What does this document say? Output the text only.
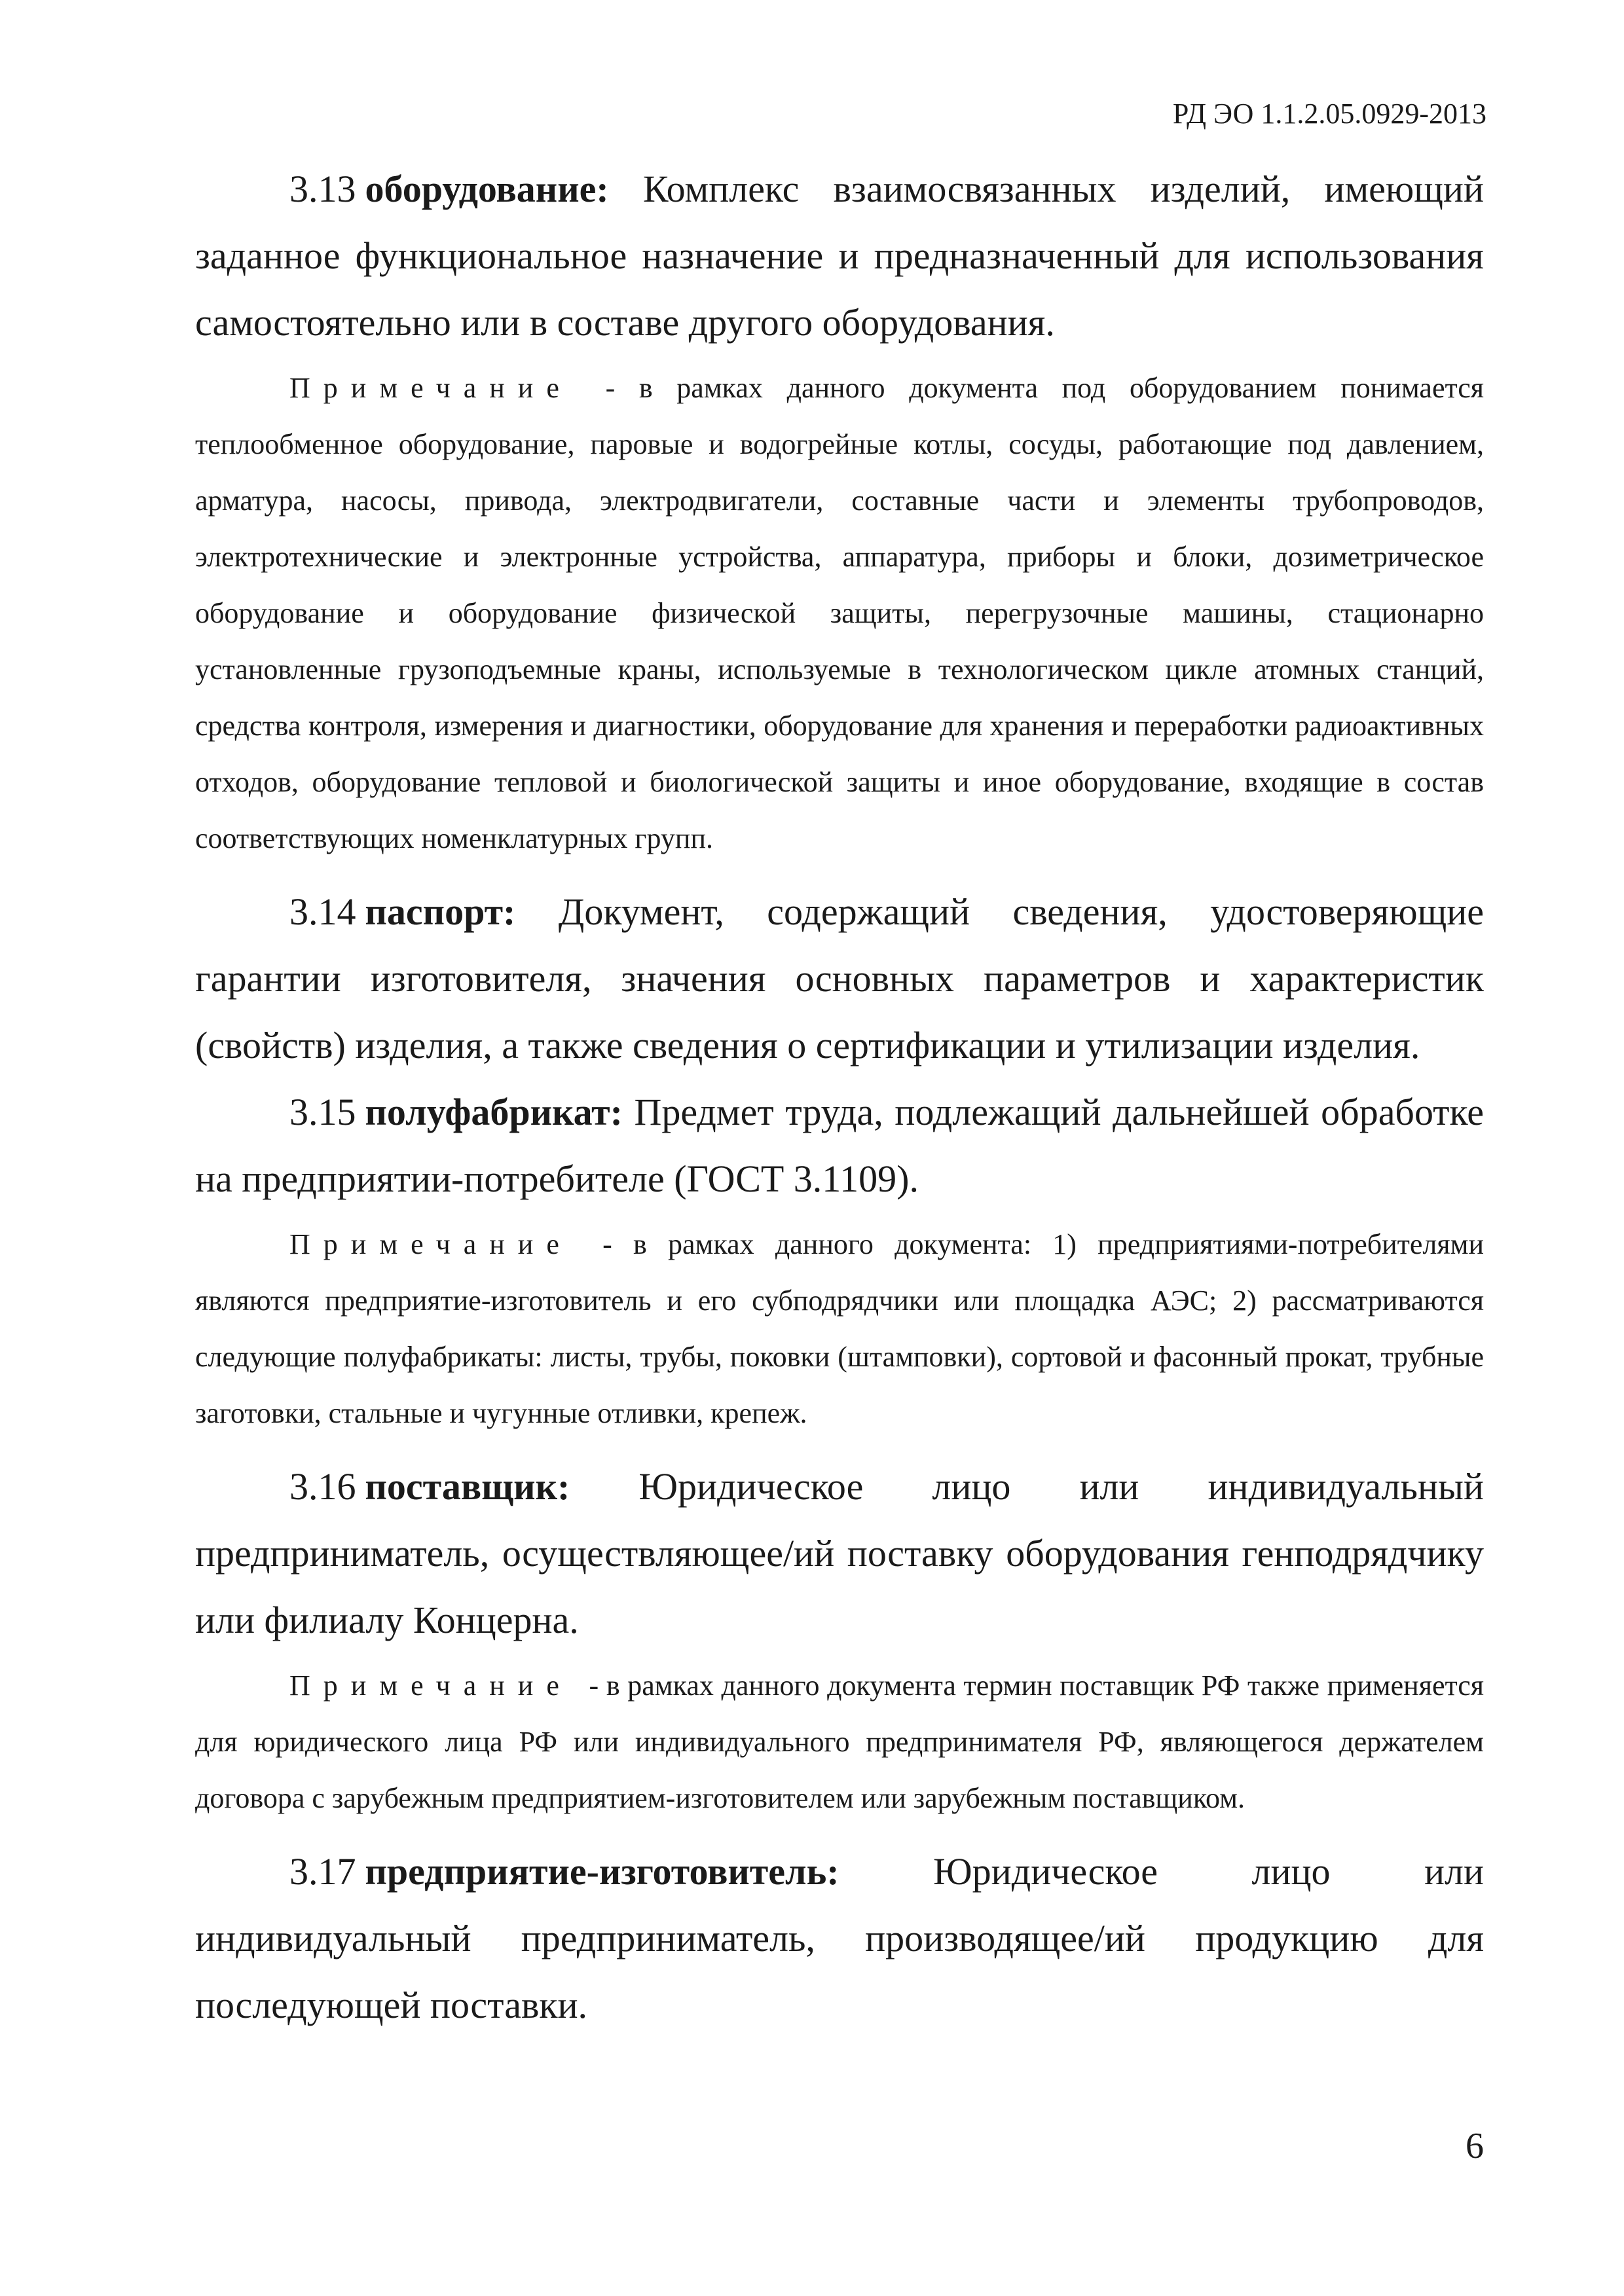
РД ЭО 1.1.2.05.0929-2013

3.13 оборудование: Комплекс взаимосвязанных изделий, имеющий заданное функциональное назначение и предназначенный для использования самостоятельно или в составе другого оборудования.

Примечание - в рамках данного документа под оборудованием понимается теплообменное оборудование, паровые и водогрейные котлы, сосуды, работающие под давлением, арматура, насосы, привода, электродвигатели, составные части и элементы трубопроводов, электротехнические и электронные устройства, аппаратура, приборы и блоки, дозиметрическое оборудование и оборудование физической защиты, перегрузочные машины, стационарно установленные грузоподъемные краны, используемые в технологическом цикле атомных станций, средства контроля, измерения и диагностики, оборудование для хранения и переработки радиоактивных отходов, оборудование тепловой и биологической защиты и иное оборудование, входящие в состав соответствующих номенклатурных групп.

3.14 паспорт: Документ, содержащий сведения, удостоверяющие гарантии изготовителя, значения основных параметров и характеристик (свойств) изделия, а также сведения о сертификации и утилизации изделия.

3.15 полуфабрикат: Предмет труда, подлежащий дальнейшей обработке на предприятии-потребителе (ГОСТ 3.1109).

Примечание - в рамках данного документа: 1) предприятиями-потребителями являются предприятие-изготовитель и его субподрядчики или площадка АЭС; 2) рассматриваются следующие полуфабрикаты: листы, трубы, поковки (штамповки), сортовой и фасонный прокат, трубные заготовки, стальные и чугунные отливки, крепеж.

3.16 поставщик: Юридическое лицо или индивидуальный предприниматель, осуществляющее/ий поставку оборудования генподрядчику или филиалу Концерна.

Примечание - в рамках данного документа термин поставщик РФ также применяется для юридического лица РФ или индивидуального предпринимателя РФ, являющегося держателем договора с зарубежным предприятием-изготовителем или зарубежным поставщиком.

3.17 предприятие-изготовитель: Юридическое лицо или индивидуальный предприниматель, производящее/ий продукцию для последующей поставки.

6
